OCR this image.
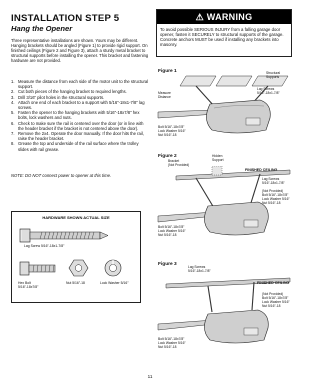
INSTALLATION STEP 5
Hang the Opener

Three representative installations are shown. Yours may be different. Hanging brackets should be angled (Figure 1) to provide rigid support. On finished ceilings (Figure 2 and Figure 3), attach a sturdy metal bracket to structural supports before installing the opener. This bracket and fastening hardware are not provided.

1. Measure the distance from each side of the motor unit to the structural support.
2. Cut both pieces of the hanging bracket to required lengths.
3. Drill 3/16" pilot holes in the structural supports.
4. Attach one end of each bracket to a support with 5/16"-18x1-7/8" lag screws.
5. Fasten the opener to the hanging brackets with 5/16"-18x7/8" hex bolts, lock washers and nuts.
6. Check to make sure the rail is centered over the door (or in line with the header bracket if the bracket is not centered above the door).
7. Remove the 2x4. Operate the door manually. If the door hits the rail, raise the header bracket.
8. Grease the top and underside of the rail surface where the trolley slides with rail grease.

NOTE: DO NOT connect power to opener at this time.

HARDWARE SHOWN ACTUAL SIZE
Lag Screw 5/16"-18x1-7/8"
Hex Bolt
5/16"-18x7/8"
Nut 5/16"-18	Lock Washer 5/16"
⚠ WARNING
To avoid possible SERIOUS INJURY from a falling garage door opener, fasten it SECURELY to structural supports of the garage. Concrete anchors MUST be used if installing any brackets into masonry.
Figure 1	Structural
Supports
Lag Screws
5/16"-18x1-7/8"
Measure
Distance
Bolt 5/16"-18x7/8"
Lock Washer 5/16"
Nut 5/16"-18
Figure 2
Bracket
(Not Provided)
Hidden
Support
FINISHED CEILING
Lag Screws
5/16"-18x1-7/8"
(Not Provided)
Bolt 5/16"-18x7/8"
Lock Washer 5/16"
Nut 5/16"-18
Bolt 5/16"-18x7/8"
Lock Washer 5/16"
Nut 5/16"-18
Figure 3	Lag Screws
5/16"-18x1-7/8"
FINISHED CEILING
(Not Provided)
Bolt 5/16"-18x7/8"
Lock Washer 5/16"
Nut 5/16"-18
Bolt 5/16"-18x7/8"
Lock Washer 5/16"
Nut 5/16"-18
11
